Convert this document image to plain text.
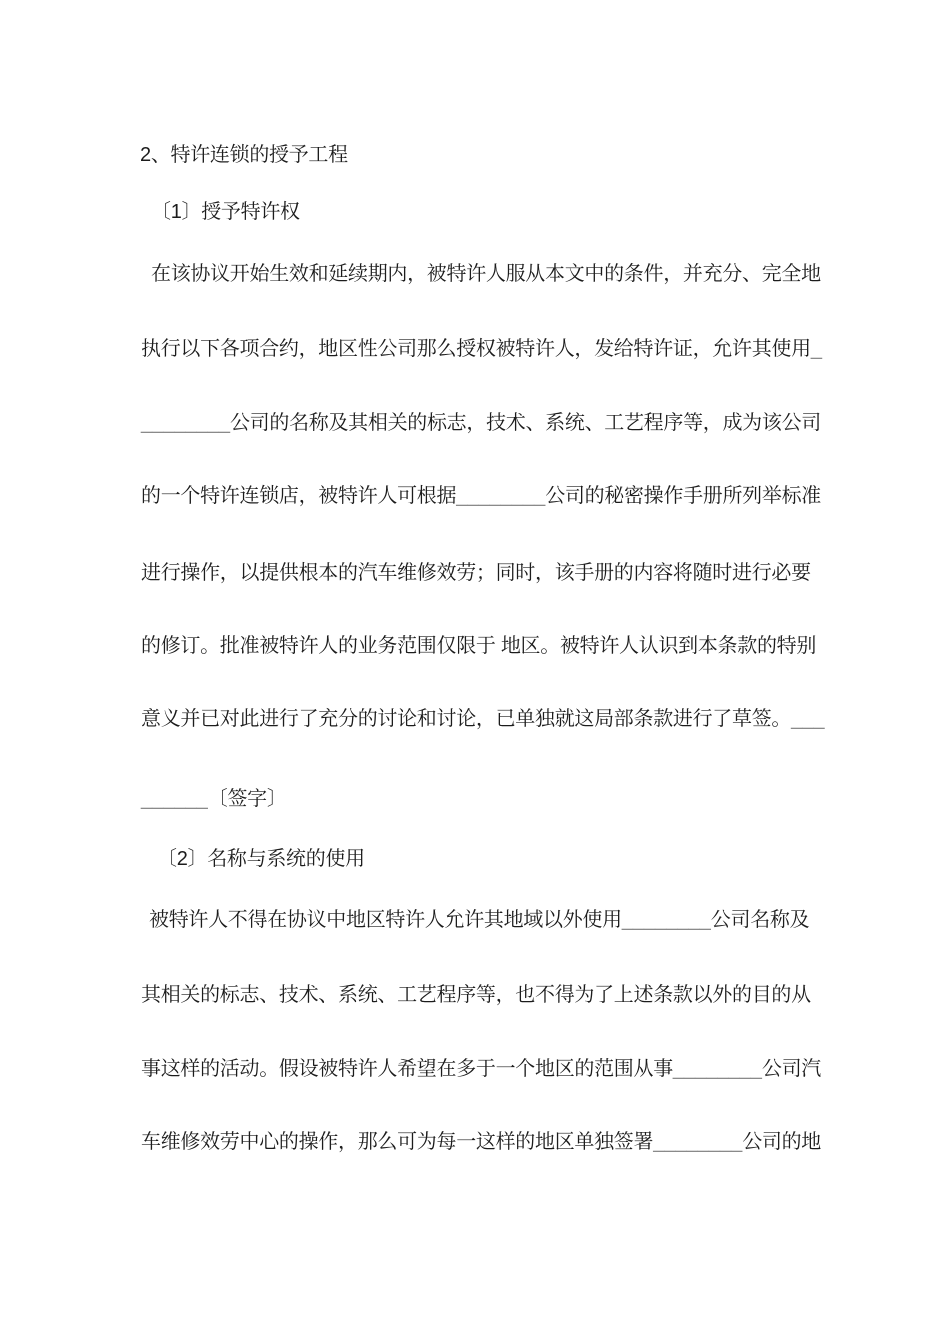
2、特许连锁的授予工程
〔1〕授予特许权
在该协议开始生效和延续期内，被特许人服从本文中的条件，并充分、完全地
执行以下各项合约，地区性公司那么授权被特许人，发给特许证，允许其使用_
________公司的名称及其相关的标志，技术、系统、工艺程序等，成为该公司
的一个特许连锁店，被特许人可根据________公司的秘密操作手册所列举标准
进行操作，以提供根本的汽车维修效劳；同时，该手册的内容将随时进行必要
的修订。批准被特许人的业务范围仅限于 地区。被特许人认识到本条款的特别
意义并已对此进行了充分的讨论和讨论，已单独就这局部条款进行了草签。___
______〔签字〕
〔2〕名称与系统的使用
被特许人不得在协议中地区特许人允许其地域以外使用________公司名称及
其相关的标志、技术、系统、工艺程序等，也不得为了上述条款以外的目的从
事这样的活动。假设被特许人希望在多于一个地区的范围从事________公司汽
车维修效劳中心的操作，那么可为每一这样的地区单独签署________公司的地
